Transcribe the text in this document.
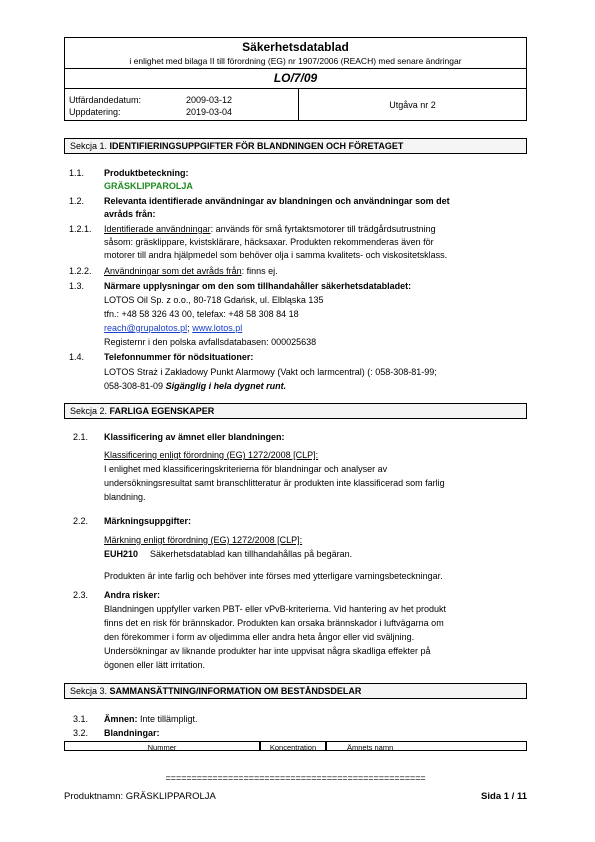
Säkerhetsdatablad
i enlighet med bilaga II till förordning (EG) nr 1907/2006 (REACH) med senare ändringar
LO/7/09
Utfärdandedatum:	2009-03-12
Uppdatering:	2019-03-04
Utgåva nr 2
Sekcja 1. IDENTIFIERINGSUPPGIFTER FÖR BLANDNINGEN OCH FÖRETAGET
1.1. Produktbeteckning:
GRÄSKLIPPAROLJA
1.2. Relevanta identifierade användningar av blandningen och användningar som det
avråds från:
1.2.1. Identifierade användningar: används för små fyrtaktsmotorer till trädgårdsutrustning
såsom: gräsklippare, kvistsklärare, häcksaxar. Produkten rekommenderas även för
motorer till andra hjälpmedel som behöver olja i samma kvalitets- och viskositetsklass.
1.2.2. Användningar som det avråds från: finns ej.
1.3. Närmare upplysningar om den som tillhandahåller säkerhetsdatabladet:
LOTOS Oil Sp. z o.o., 80-718 Gdańsk, ul. Elbląska 135
tfn.: +48 58 326 43 00, telefax: +48 58 308 84 18
reach@grupalotos.pl; www.lotos.pl
Registernr i den polska avfallsdatabasen: 000025638
1.4. Telefonnummer för nödsituationer:
LOTOS Straż i Zakładowy Punkt Alarmowy (Vakt och larmcentral) (: 058-308-81-99;
058-308-81-09 Sigänglig i hela dygnet runt.
Sekcja 2. FARLIGA EGENSKAPER
2.1. Klassificering av ämnet eller blandningen:
Klassificering enligt förordning (EG) 1272/2008 [CLP]:
I enlighet med klassificeringskriterierna för blandningar och analyser av
undersökningsresultat samt branschlitteratur är produkten inte klassificerad som farlig
blandning.
2.2. Märkningsuppgifter:
Märkning enligt förordning (EG) 1272/2008 [CLP]:
EUH210 Säkerhetsdatablad kan tillhandahållas på begäran.
Produkten är inte farlig och behöver inte förses med ytterligare varningsbeteckningar.
2.3. Andra risker:
Blandningen uppfyller varken PBT- eller vPvB-kriterierna. Vid hantering av het produkt
finns det en risk för brännskador. Produkten kan orsaka brännskador i luftvägarna om
den förekommer i form av oljedimma eller andra heta ångor eller vid sväljning.
Undersökningar av liknande produkter har inte uppvisat några skadliga effekter på
ögonen eller lätt irritation.
Sekcja 3. SAMMANSÄTTNING/INFORMATION OM BESTÅNDSDELAR
3.1. Ämnen: Inte tillämpligt.
3.2. Blandningar:
Nummer	Koncentration	Ämnets namn
==================================================
Produktnamn: GRÄSKLIPPAROLJA	Sida 1 / 11
